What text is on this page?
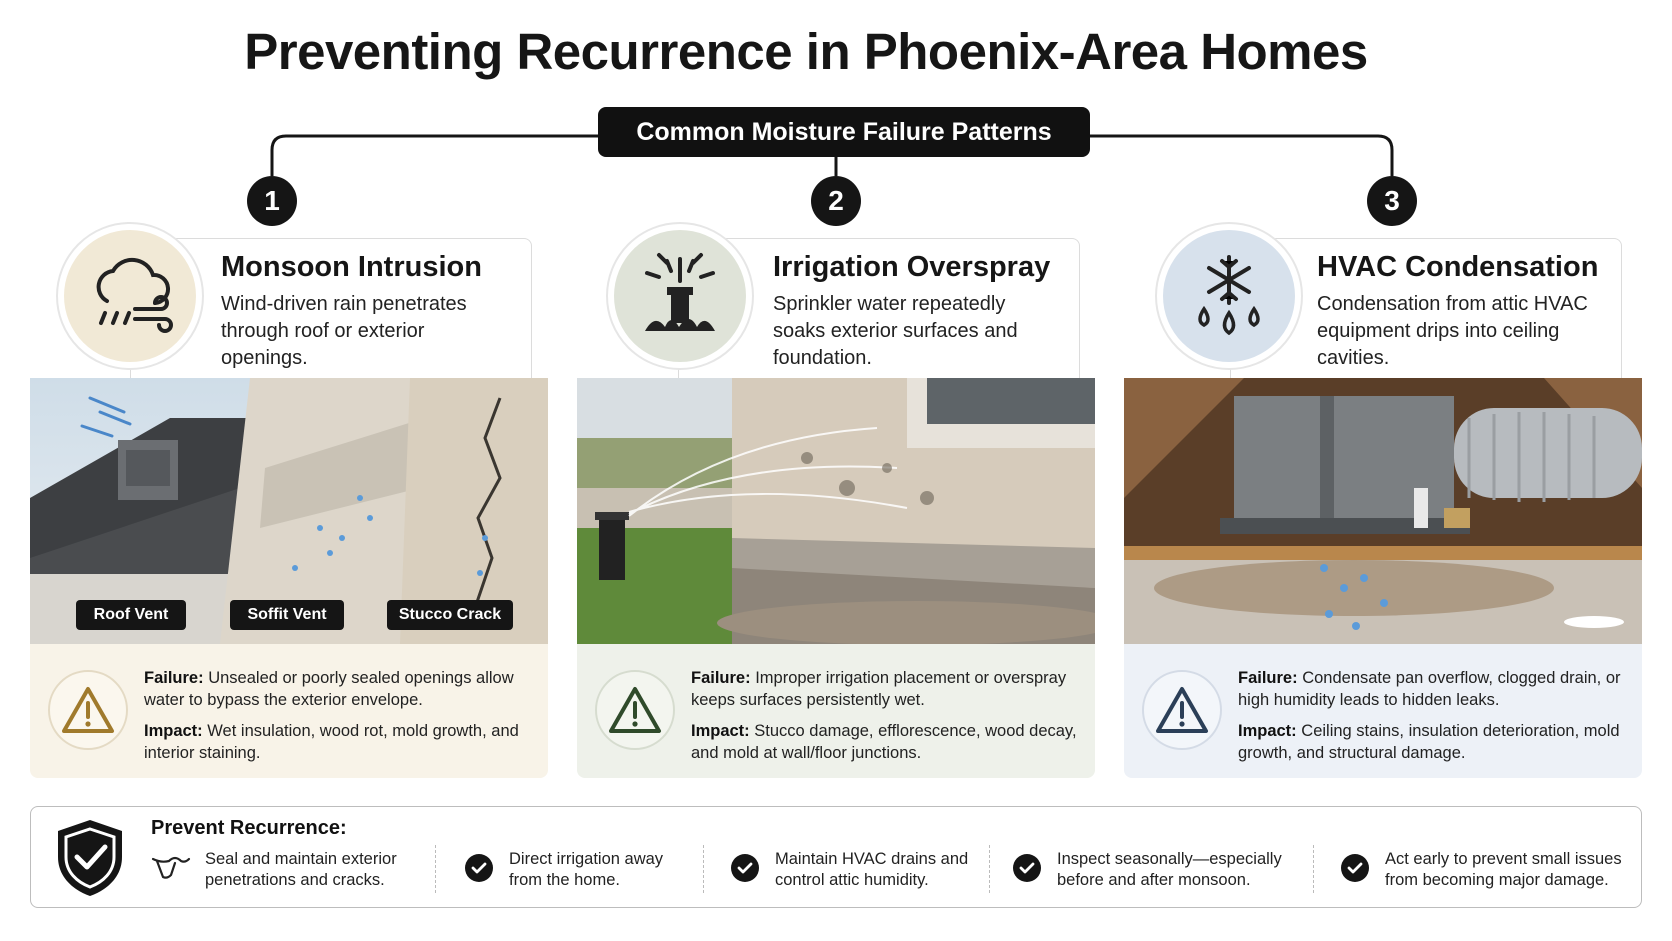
Preventing Recurrence in Phoenix-Area Homes
Common Moisture Failure Patterns
1	2	3
Monsoon Intrusion
Wind-driven rain penetrates through roof or exterior openings.
Roof Vent	Soffit Vent	Stucco Crack

Failure: Unsealed or poorly sealed openings allow water to bypass the exterior envelope.

Impact: Wet insulation, wood rot, mold growth, and interior staining.

Irrigation Overspray
Sprinkler water repeatedly soaks exterior surfaces and foundation.

Failure: Improper irrigation placement or overspray keeps surfaces persistently wet.

Impact: Stucco damage, efflorescence, wood decay, and mold at wall/floor junctions.

HVAC Condensation
Condensation from attic HVAC equipment drips into ceiling cavities.

Failure: Condensate pan overflow, clogged drain, or high humidity leads to hidden leaks.

Impact: Ceiling stains, insulation deterioration, mold growth, and structural damage.

Prevent Recurrence:
Seal and maintain exterior penetrations and cracks.
Direct irrigation away from the home.
Maintain HVAC drains and control attic humidity.
Inspect seasonally—especially before and after monsoon.
Act early to prevent small issues from becoming major damage.
